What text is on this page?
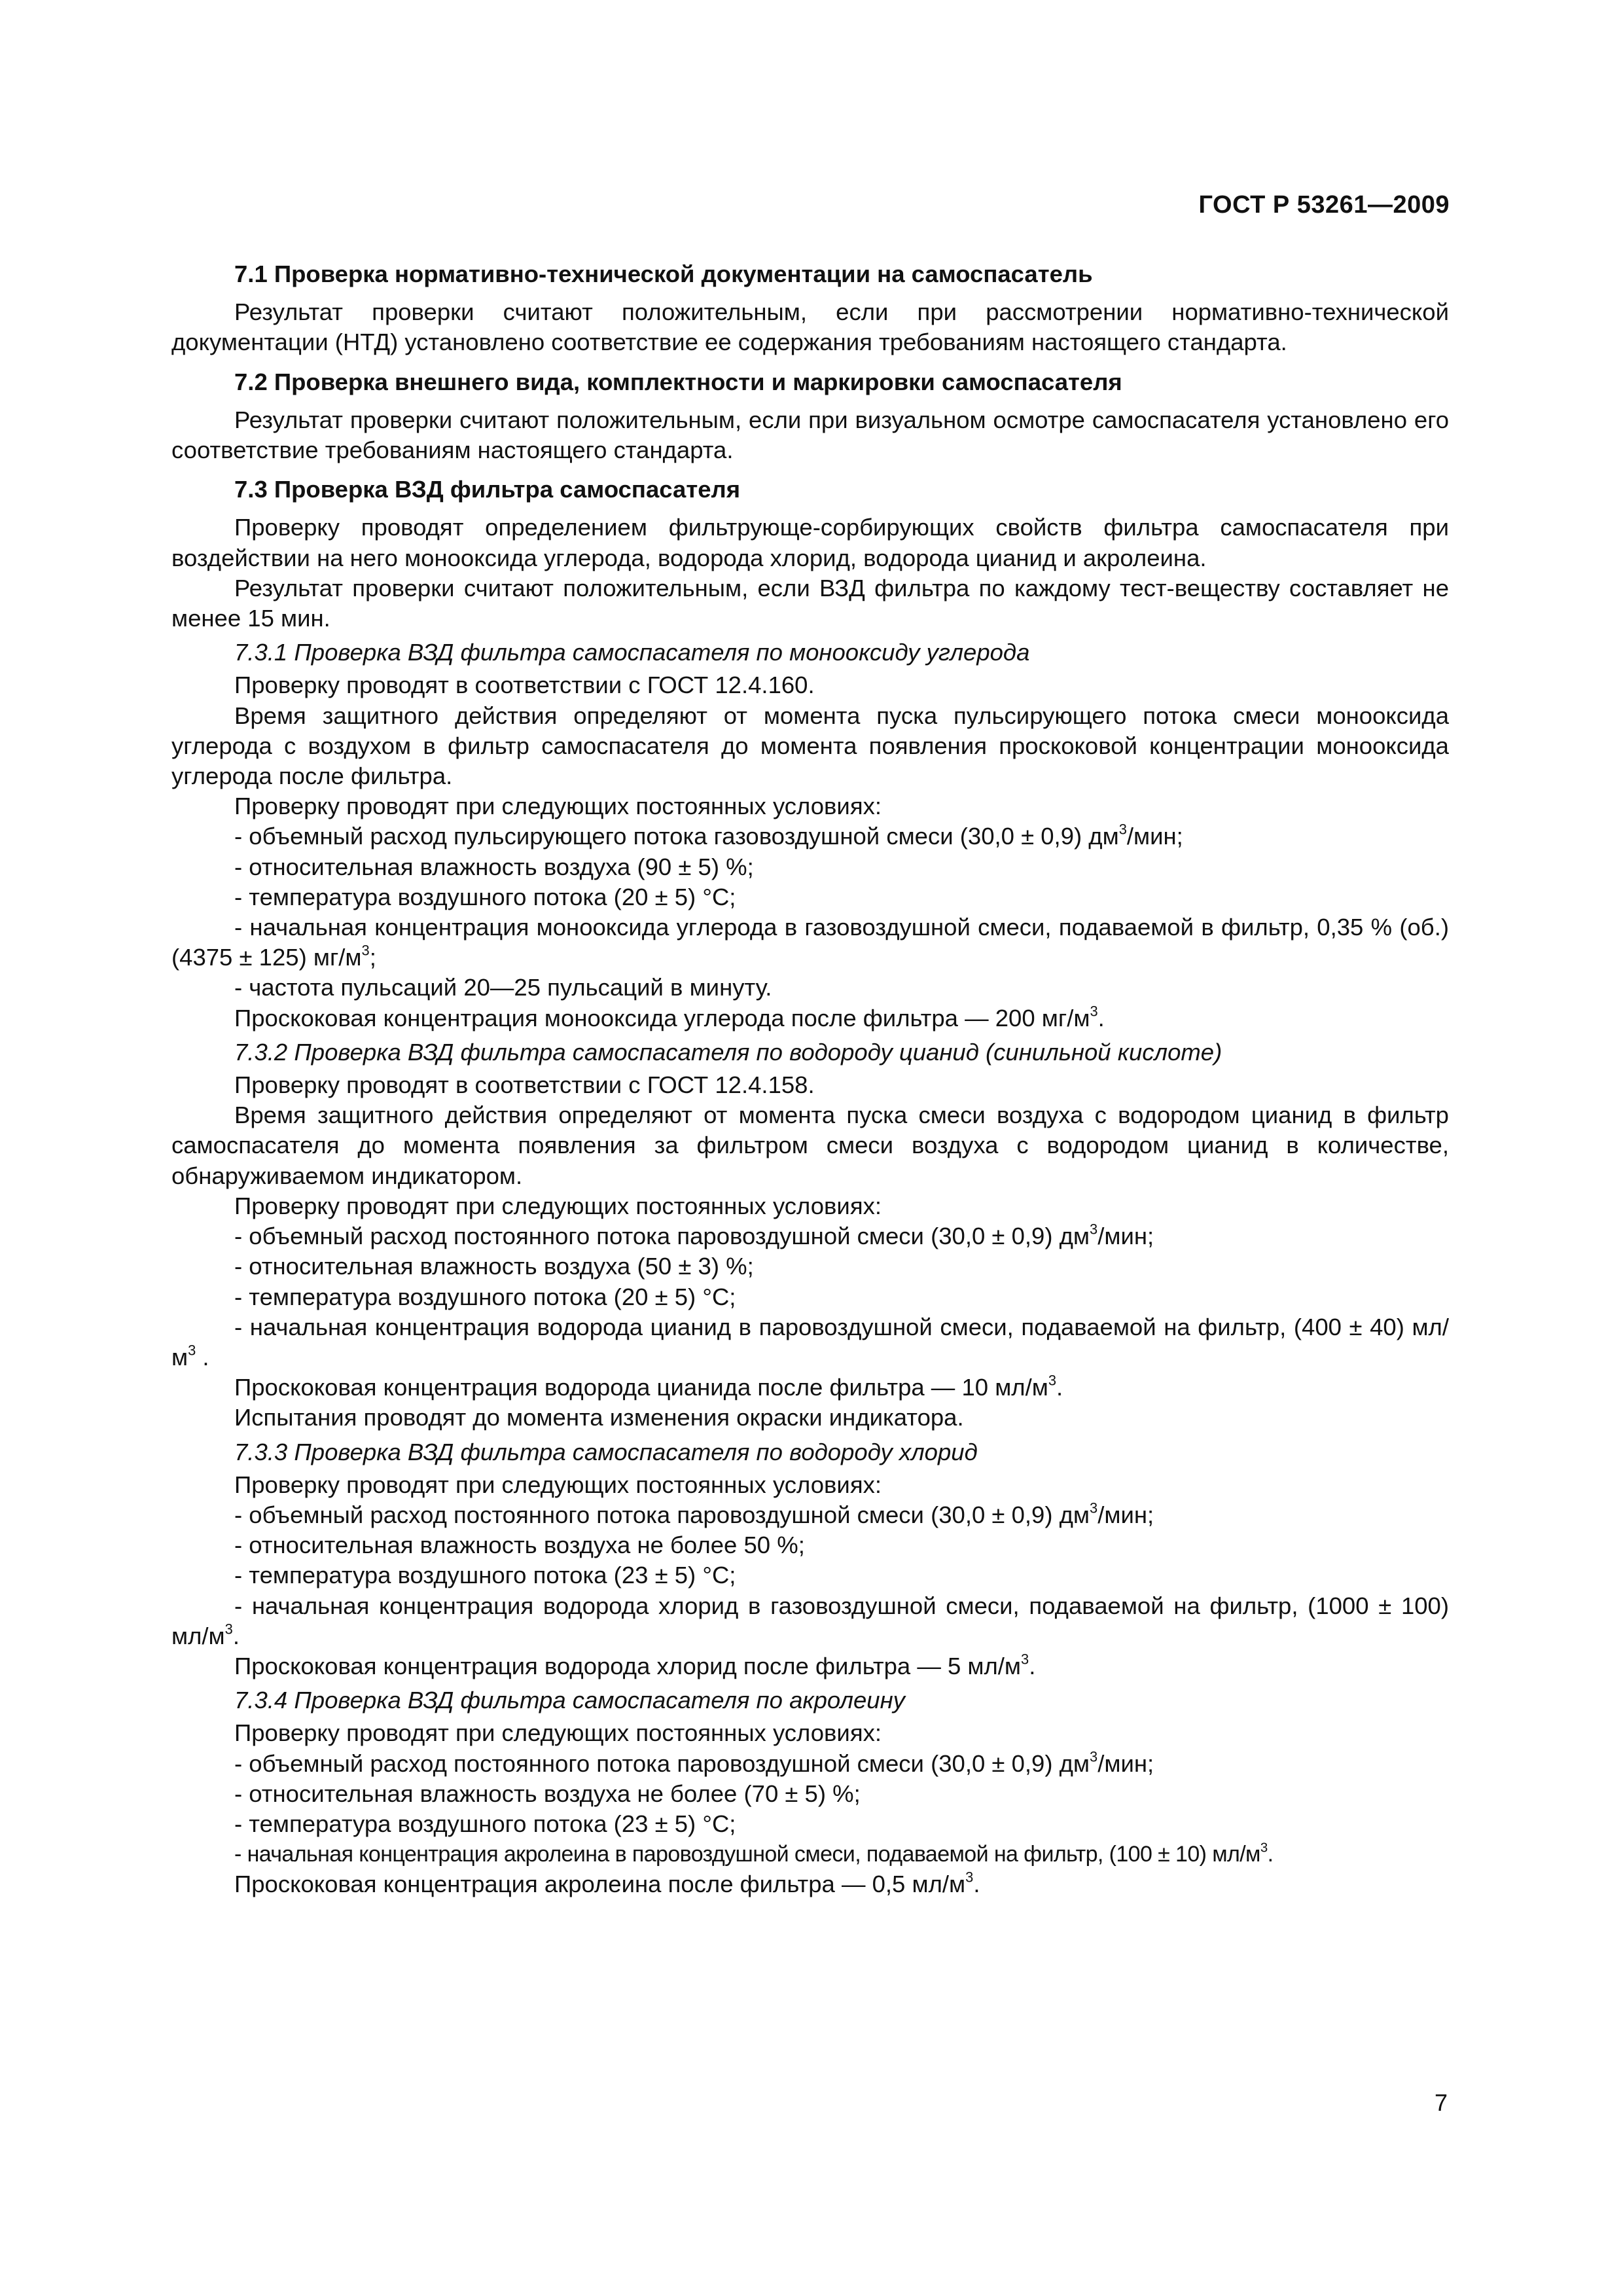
ГОСТ Р 53261—2009

7.1 Проверка нормативно-технической документации на самоспасатель

Результат проверки считают положительным, если при рассмотрении нормативно-технической документации (НТД) установлено соответствие ее содержания требованиям настоящего стандарта.

7.2 Проверка внешнего вида, комплектности и маркировки самоспасателя

Результат проверки считают положительным, если при визуальном осмотре самоспасателя установлено его соответствие требованиям настоящего стандарта.

7.3 Проверка ВЗД фильтра самоспасателя

Проверку проводят определением фильтрующе-сорбирующих свойств фильтра самоспасателя при воздействии на него монооксида углерода, водорода хлорид, водорода цианид и акролеина.

Результат проверки считают положительным, если ВЗД фильтра по каждому тест-веществу составляет не менее 15 мин.

7.3.1 Проверка ВЗД фильтра самоспасателя по монооксиду углерода

Проверку проводят в соответствии с ГОСТ 12.4.160.

Время защитного действия определяют от момента пуска пульсирующего потока смеси монооксида углерода с воздухом в фильтр самоспасателя до момента появления проскоковой концентрации монооксида углерода после фильтра.

Проверку проводят при следующих постоянных условиях:

- объемный расход пульсирующего потока газовоздушной смеси (30,0 ± 0,9) $дм^3$/мин;

- относительная влажность воздуха (90 ± 5) %;

- температура воздушного потока (20 ± 5) °С;

- начальная концентрация монооксида углерода в газовоздушной смеси, подаваемой в фильтр, 0,35 % (об.) (4375 ± 125) $мг/м^3$;

- частота пульсаций 20—25 пульсаций в минуту.

Проскоковая концентрация монооксида углерода после фильтра — 200 $мг/м^3$.

7.3.2 Проверка ВЗД фильтра самоспасателя по водороду цианид (синильной кислоте)

Проверку проводят в соответствии с ГОСТ 12.4.158.

Время защитного действия определяют от момента пуска смеси воздуха с водородом цианид в фильтр самоспасателя до момента появления за фильтром смеси воздуха с водородом цианид в количестве, обнаруживаемом индикатором.

Проверку проводят при следующих постоянных условиях:

- объемный расход постоянного потока паровоздушной смеси (30,0 ± 0,9) $дм^3$/мин;

- относительная влажность воздуха (50 ± 3) %;

- температура воздушного потока (20 ± 5) °С;

- начальная концентрация водорода цианид в паровоздушной смеси, подаваемой на фильтр, (400 ± 40) $мл/м^3$ .

Проскоковая концентрация водорода цианида после фильтра — 10 $мл/м^3$.

Испытания проводят до момента изменения окраски индикатора.

7.3.3 Проверка ВЗД фильтра самоспасателя по водороду хлорид

Проверку проводят при следующих постоянных условиях:

- объемный расход постоянного потока паровоздушной смеси (30,0 ± 0,9) $дм^3$/мин;

- относительная влажность воздуха не более 50 %;

- температура воздушного потока (23 ± 5) °С;

- начальная концентрация водорода хлорид в газовоздушной смеси, подаваемой на фильтр, (1000 ± 100) $мл/м^3$.

Проскоковая концентрация водорода хлорид после фильтра — 5 $мл/м^3$.

7.3.4 Проверка ВЗД фильтра самоспасателя по акролеину

Проверку проводят при следующих постоянных условиях:

- объемный расход постоянного потока паровоздушной смеси (30,0 ± 0,9) $дм^3$/мин;

- относительная влажность воздуха не более (70 ± 5) %;

- температура воздушного потока (23 ± 5) °С;

- начальная концентрация акролеина в паровоздушной смеси, подаваемой на фильтр, (100 ± 10) $мл/м^3$.

Проскоковая концентрация акролеина после фильтра — 0,5 $мл/м^3$.

7
